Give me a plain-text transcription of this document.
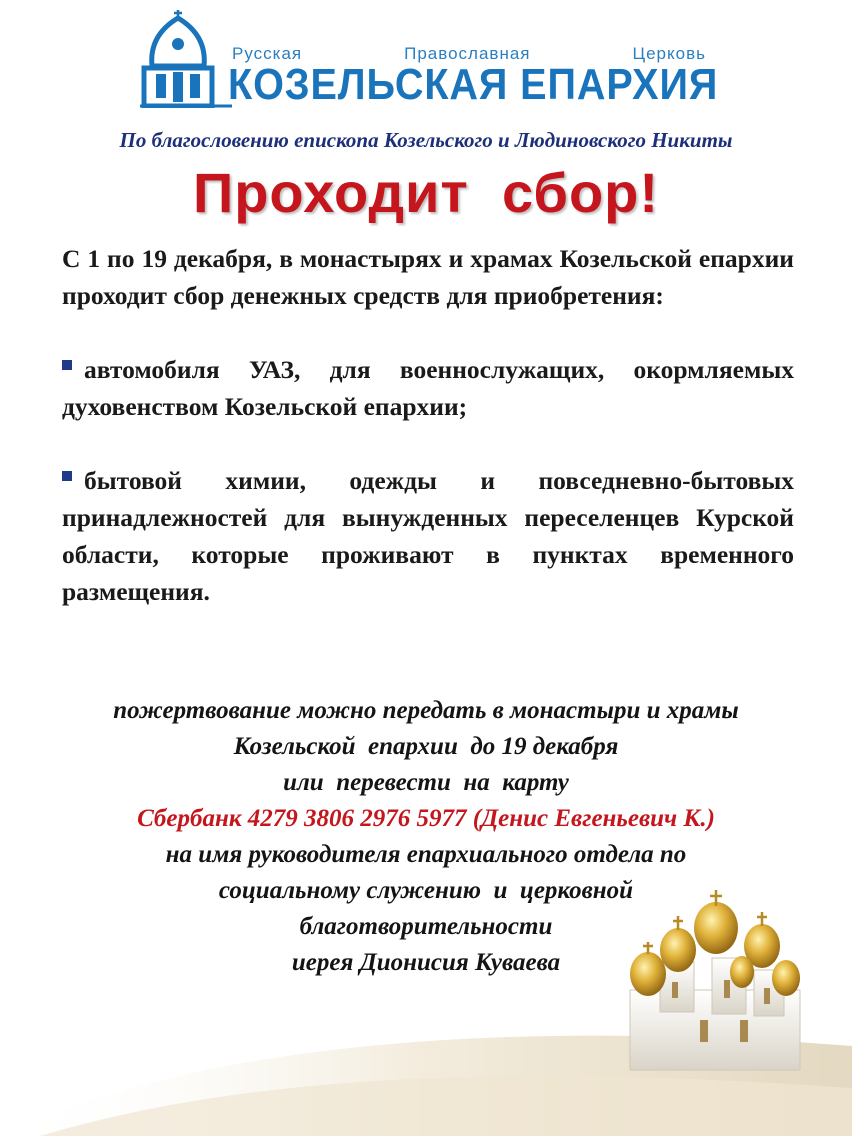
Русская	Православная	Церковь
КОЗЕЛЬСКАЯ ЕПАРХИЯ
По благословению епископа Козельского и Людиновского Никиты
Проходит  сбор!

С 1 по 19 декабря, в монастырях и храмах Козельской епархии проходит сбор денежных средств для приобретения:

автомобиля УАЗ, для военнослужащих, окормляемых духовенством Козельской епархии;

бытовой химии, одежды и повседневно-бытовых принадлежностей для вынужденных переселенцев Курской области, которые проживают в пунктах временного размещения.

пожертвование можно передать в монастыри и храмы
Козельской  епархии  до 19 декабря
или  перевести  на  карту
Сбербанк 4279 3806 2976 5977 (Денис Евгеньевич К.)
на имя руководителя епархиального отдела по
социальному служению  и  церковной
благотворительности
иерея Дионисия Куваева
